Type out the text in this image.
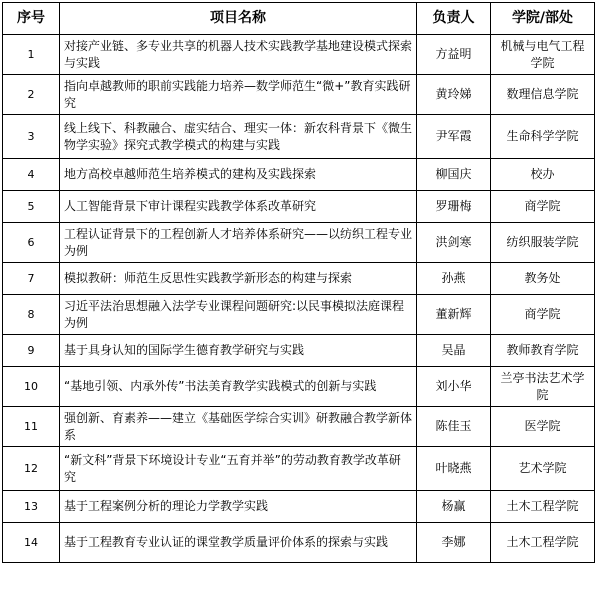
序号	项目名称	负责人	学院/部处
1	对接产业链、多专业共享的机器人技术实践教学基地建设模式探索与实践	方益明	机械与电气工程学院
2	指向卓越教师的职前实践能力培养—数学师范生“微+”教育实践研究	黄玲娣	数理信息学院
3	线上线下、科教融合、虚实结合、理实一体：新农科背景下《微生物学实验》探究式教学模式的构建与实践	尹军霞	生命科学学院
4	地方高校卓越师范生培养模式的建构及实践探索	柳国庆	校办
5	人工智能背景下审计课程实践教学体系改革研究	罗珊梅	商学院
6	工程认证背景下的工程创新人才培养体系研究——以纺织工程专业为例	洪剑寒	纺织服装学院
7	模拟教研：师范生反思性实践教学新形态的构建与探索	孙燕	教务处
8	习近平法治思想融入法学专业课程问题研究:以民事模拟法庭课程为例	董新辉	商学院
9	基于具身认知的国际学生德育教学研究与实践	吴晶	教师教育学院
10	“基地引领、内承外传”书法美育教学实践模式的创新与实践	刘小华	兰亭书法艺术学院
11	强创新、育素养——建立《基础医学综合实训》研教融合教学新体系	陈佳玉	医学院
12	“新文科”背景下环境设计专业“五育并举”的劳动教育教学改革研究	叶晓燕	艺术学院
13	基于工程案例分析的理论力学教学实践	杨赢	土木工程学院
14	基于工程教育专业认证的课堂教学质量评价体系的探索与实践	李娜	土木工程学院
